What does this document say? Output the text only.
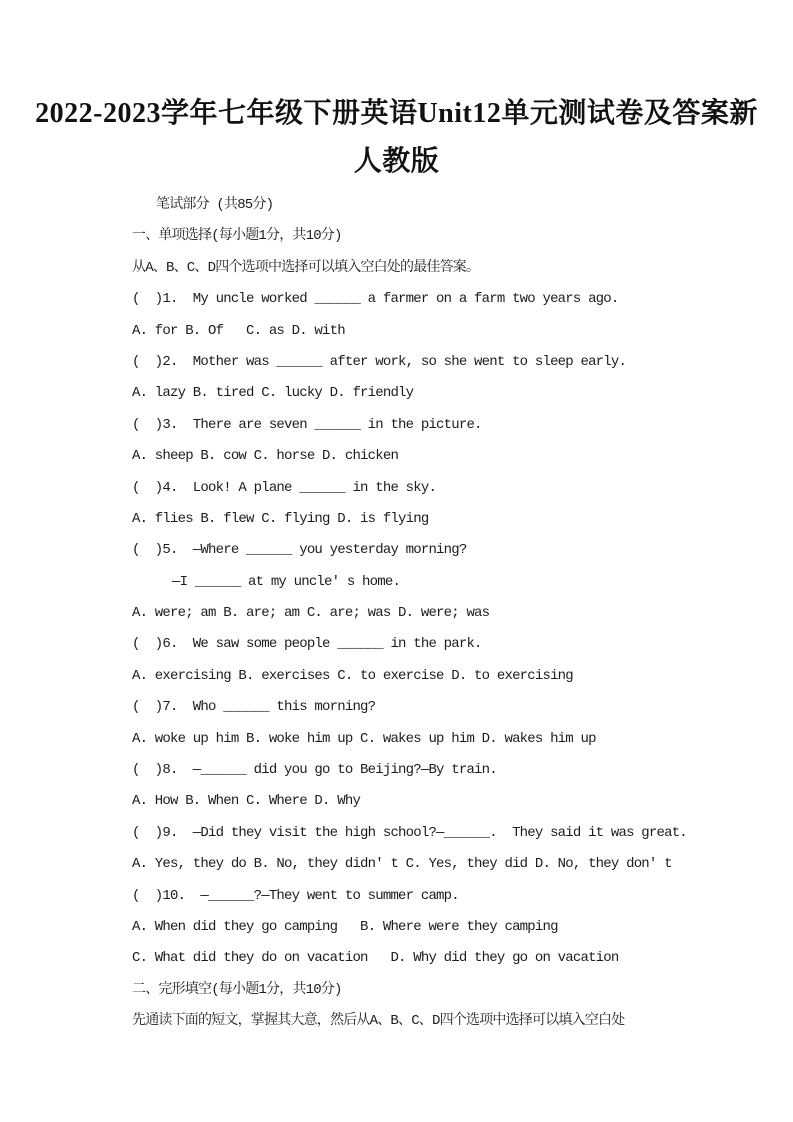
2022-2023学年七年级下册英语Unit12单元测试卷及答案新
人教版
笔试部分 (共85分)
一、单项选择(每小题1分，共10分)
从A、B、C、D四个选项中选择可以填入空白处的最佳答案。
(  )1.  My uncle worked ______ a farmer on a farm two years ago.
A. for B. Of   C. as D. with
(  )2.  Mother was ______ after work, so she went to sleep early.
A. lazy B. tired C. lucky D. friendly
(  )3.  There are seven ______ in the picture.
A. sheep B. cow C. horse D. chicken
(  )4.  Look! A plane ______ in the sky.
A. flies B. flew C. flying D. is flying
(  )5.  —Where ______ you yesterday morning?
—I ______ at my uncle' s home.
A. were; am B. are; am C. are; was D. were; was
(  )6.  We saw some people ______ in the park.
A. exercising B. exercises C. to exercise D. to exercising
(  )7.  Who ______ this morning?
A. woke up him B. woke him up C. wakes up him D. wakes him up
(  )8.  —______ did you go to Beijing?—By train.
A. How B. When C. Where D. Why
(  )9.  —Did they visit the high school?—______.  They said it was great.
A. Yes, they do B. No, they didn' t C. Yes, they did D. No, they don' t
(  )10.  —______?—They went to summer camp.
A. When did they go camping   B. Where were they camping
C. What did they do on vacation   D. Why did they go on vacation
二、完形填空(每小题1分，共10分)
先通读下面的短文，掌握其大意，然后从A、B、C、D四个选项中选择可以填入空白处
